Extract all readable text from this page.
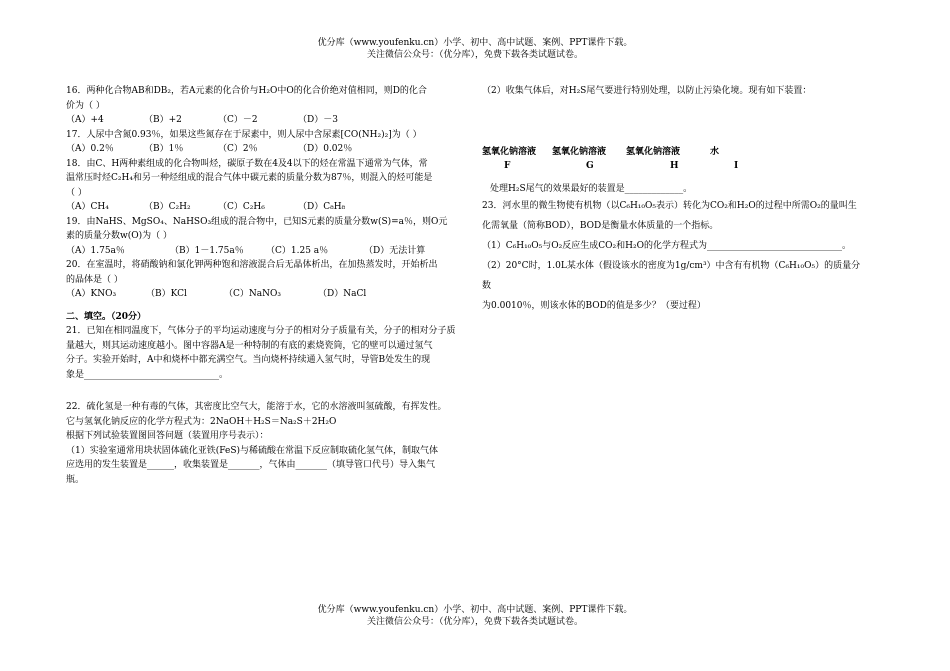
优分库（www.youfenku.cn）小学、初中、高中试题、案例、PPT课件下载。
关注微信公众号：（优分库），免费下载各类试题试卷。

16．两种化合物AB和DB₂，若A元素的化合价与H₂O中O的化合价绝对值相同，则D的化合

价为（ ）

（A）+4	（B）+2	（C）－2	（D）－3

17．人尿中含氮0.93％，如果这些氮存在于尿素中，则人尿中含尿素[CO(NH₂)₂]为（ ）

（A）0.2％	（B）1％	（C）2％	（D）0.02％

18．由C、H两种素组成的化合物叫烃，碳原子数在4及4以下的烃在常温下通常为气体，常

温常压时烃C₂H₄和另一种烃组成的混合气体中碳元素的质量分数为87％，则混入的烃可能是

（ ）

（A）CH₄	（B）C₂H₂	（C）C₂H₆	（D）C₈H₈

19．由NaHS、MgSO₄、NaHSO₃组成的混合物中，已知S元素的质量分数w(S)=a％，则O元

素的质量分数w(O)为（ ）

（A）1.75a％	（B）1－1.75a％	（C）1.25 a％	（D）无法计算

20．在室温时，将硝酸钠和氯化钾两种饱和溶液混合后无晶体析出，在加热蒸发时，开始析出

的晶体是（ ）

（A）KNO₃	（B）KCl	（C）NaNO₃	（D）NaCl

二、填空。（20分）

21．已知在相同温度下，气体分子的平均运动速度与分子的相对分子质量有关，分子的相对分子质

量越大，则其运动速度越小。图中容器A是一种特制的有底的素烧瓷筒，它的壁可以通过氢气

分子。实验开始时，A中和烧杯中都充满空气。当向烧杯持续通入氢气时，导管B处发生的现

象是______________________________。

22．硫化氢是一种有毒的气体，其密度比空气大，能溶于水，它的水溶液叫氢硫酸，有挥发性。

它与氢氧化钠反应的化学方程式为：2NaOH＋H₂S＝Na₂S＋2H₂O

根据下列试验装置图回答问题（装置用序号表示）：

（1）实验室通常用块状固体硫化亚铁(FeS)与稀硫酸在常温下反应制取硫化氢气体，制取气体

应选用的发生装置是______，收集装置是_______，气体由_______（填导管口代号）导入集气

瓶。

（2）收集气体后，对H₂S尾气要进行特别处理，以防止污染化境。现有如下装置：

氢氧化钠溶液	氢氧化钠溶液	氢氧化钠溶液	水
F	G	H	I

处理H₂S尾气的效果最好的装置是_____________。

23．河水里的微生物使有机物（以C₆H₁₀O₅表示）转化为CO₂和H₂O的过程中所需O₂的量叫生

化需氧量（简称BOD），BOD是衡量水体质量的一个指标。

（1）C₆H₁₀O₅与O₂反应生成CO₂和H₂O的化学方程式为______________________________。

（2）20°C时，1.0L某水体（假设该水的密度为1g/cm³）中含有有机物（C₆H₁₀O₅）的质量分数

为0.0010％，则该水体的BOD的值是多少？（要过程）

优分库（www.youfenku.cn）小学、初中、高中试题、案例、PPT课件下载。
关注微信公众号：（优分库），免费下载各类试题试卷。
